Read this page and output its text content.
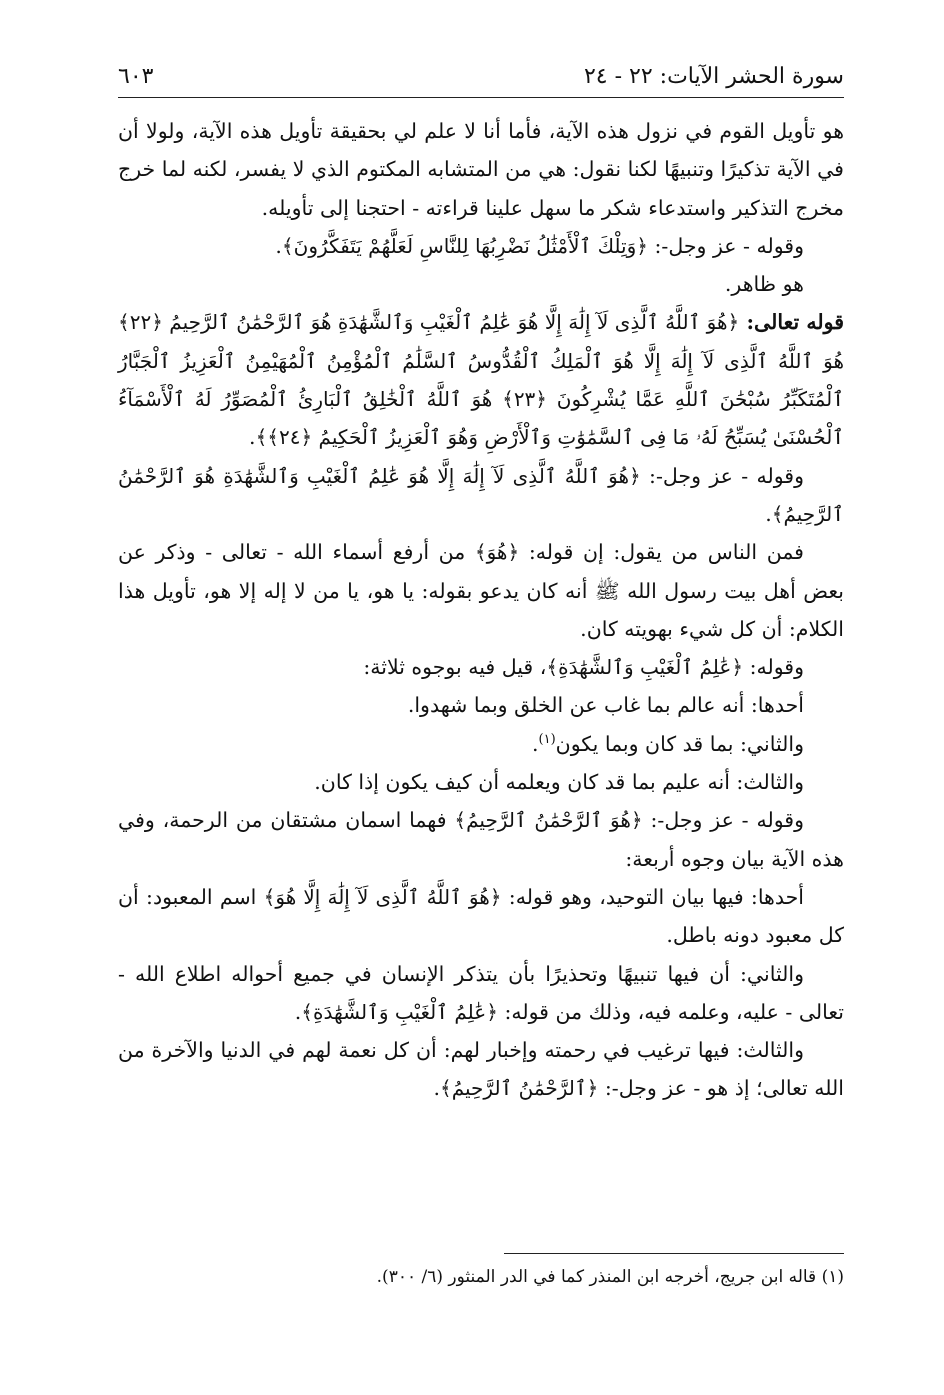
سورة الحشر الآيات: ٢٢ - ٢٤
٦٠٣

هو تأويل القوم في نزول هذه الآية، فأما أنا لا علم لي بحقيقة تأويل هذه الآية، ولولا أن في الآية تذكيرًا وتنبيهًا لكنا نقول: هي من المتشابه المكتوم الذي لا يفسر، لكنه لما خرج مخرج التذكير واستدعاء شكر ما سهل علينا قراءته - احتجنا إلى تأويله.

وقوله - عز وجل-: ﴿وَتِلْكَ ٱلْأَمْثَٰلُ نَضْرِبُهَا لِلنَّاسِ لَعَلَّهُمْ يَتَفَكَّرُونَ﴾.

هو ظاهر.

قوله تعالى: ﴿هُوَ ٱللَّهُ ٱلَّذِى لَآ إِلَٰهَ إِلَّا هُوَ عَٰلِمُ ٱلْغَيْبِ وَٱلشَّهَٰدَةِ هُوَ ٱلرَّحْمَٰنُ ٱلرَّحِيمُ ﴿٢٢﴾ هُوَ ٱللَّهُ ٱلَّذِى لَآ إِلَٰهَ إِلَّا هُوَ ٱلْمَلِكُ ٱلْقُدُّوسُ ٱلسَّلَٰمُ ٱلْمُؤْمِنُ ٱلْمُهَيْمِنُ ٱلْعَزِيزُ ٱلْجَبَّارُ ٱلْمُتَكَبِّرُ سُبْحَٰنَ ٱللَّهِ عَمَّا يُشْرِكُونَ ﴿٢٣﴾ هُوَ ٱللَّهُ ٱلْخَٰلِقُ ٱلْبَارِئُ ٱلْمُصَوِّرُ لَهُ ٱلْأَسْمَآءُ ٱلْحُسْنَىٰ يُسَبِّحُ لَهُۥ مَا فِى ٱلسَّمَٰوَٰتِ وَٱلْأَرْضِ وَهُوَ ٱلْعَزِيزُ ٱلْحَكِيمُ ﴿٢٤﴾﴾.

وقوله - عز وجل-: ﴿هُوَ ٱللَّهُ ٱلَّذِى لَآ إِلَٰهَ إِلَّا هُوَ عَٰلِمُ ٱلْغَيْبِ وَٱلشَّهَٰدَةِ هُوَ ٱلرَّحْمَٰنُ ٱلرَّحِيمُ﴾.

فمن الناس من يقول: إن قوله: ﴿هُوَ﴾ من أرفع أسماء الله - تعالى - وذكر عن بعض أهل بيت رسول الله ﷺ أنه كان يدعو بقوله: يا هو، يا من لا إله إلا هو، تأويل هذا الكلام: أن كل شيء بهويته كان.

وقوله: ﴿عَٰلِمُ ٱلْغَيْبِ وَٱلشَّهَٰدَةِ﴾، قيل فيه بوجوه ثلاثة:

أحدها: أنه عالم بما غاب عن الخلق وبما شهدوا.

والثاني: بما قد كان وبما يكون$^{(١)}$.

والثالث: أنه عليم بما قد كان ويعلمه أن كيف يكون إذا كان.

وقوله - عز وجل-: ﴿هُوَ ٱلرَّحْمَٰنُ ٱلرَّحِيمُ﴾ فهما اسمان مشتقان من الرحمة، وفي هذه الآية بيان وجوه أربعة:

أحدها: فيها بيان التوحيد، وهو قوله: ﴿هُوَ ٱللَّهُ ٱلَّذِى لَآ إِلَٰهَ إِلَّا هُوَ﴾ اسم المعبود: أن كل معبود دونه باطل.

والثاني: أن فيها تنبيهًا وتحذيرًا بأن يتذكر الإنسان في جميع أحواله اطلاع الله - تعالى - عليه، وعلمه فيه، وذلك من قوله: ﴿عَٰلِمُ ٱلْغَيْبِ وَٱلشَّهَٰدَةِ﴾.

والثالث: فيها ترغيب في رحمته وإخبار لهم: أن كل نعمة لهم في الدنيا والآخرة من الله تعالى؛ إذ هو - عز وجل-: ﴿ٱلرَّحْمَٰنُ ٱلرَّحِيمُ﴾.

(١) قاله ابن جريج، أخرجه ابن المنذر كما في الدر المنثور (٦/ ٣٠٠).
